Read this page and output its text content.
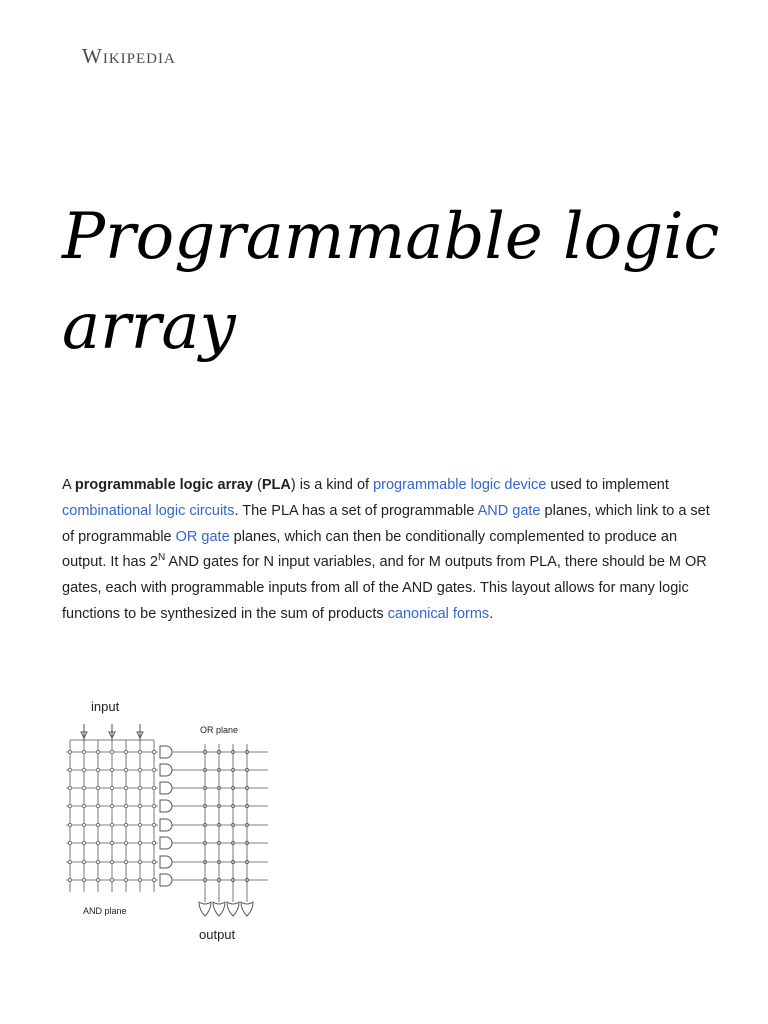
Wikipedia
Programmable logic
array

A programmable logic array (PLA) is a kind of programmable logic device used to implement combinational logic circuits. The PLA has a set of programmable AND gate planes, which link to a set of programmable OR gate planes, which can then be conditionally complemented to produce an output. It has $2^N$ AND gates for N input variables, and for M outputs from PLA, there should be M OR gates, each with programmable inputs from all of the AND gates. This layout allows for many logic functions to be synthesized in the sum of products canonical forms.

input
OR plane
AND plane
output
